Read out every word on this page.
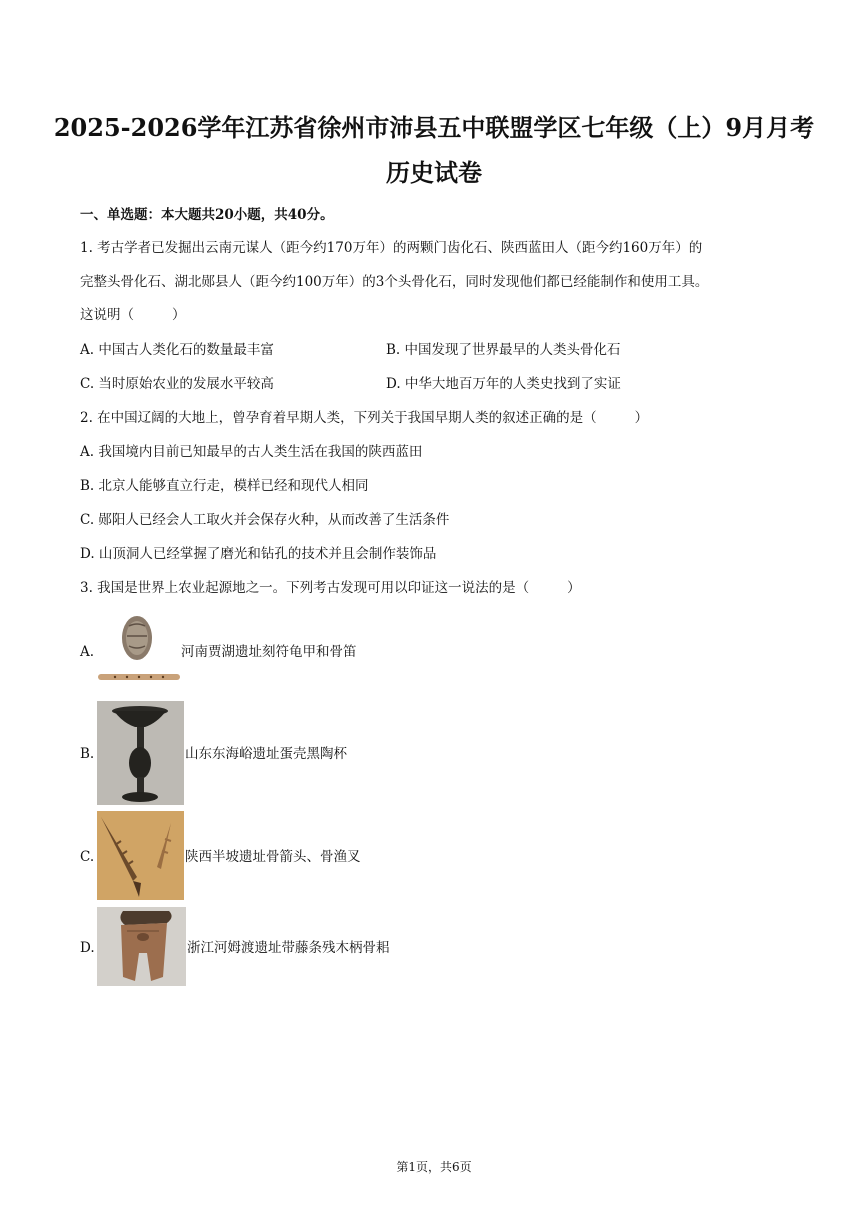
2025-2026学年江苏省徐州市沛县五中联盟学区七年级（上）9月月考
历史试卷
一、单选题：本大题共20小题，共40分。
1. 考古学者已发掘出云南元谋人（距今约170万年）的两颗门齿化石、陕西蓝田人（距今约160万年）的
完整头骨化石、湖北郧县人（距今约100万年）的3个头骨化石，同时发现他们都已经能制作和使用工具。
这说明（	）
A. 中国古人类化石的数量最丰富	B. 中国发现了世界最早的人类头骨化石
C. 当时原始农业的发展水平较高	D. 中华大地百万年的人类史找到了实证
2. 在中国辽阔的大地上，曾孕育着早期人类，下列关于我国早期人类的叙述正确的是（	）
A. 我国境内目前已知最早的古人类生活在我国的陕西蓝田
B. 北京人能够直立行走，模样已经和现代人相同
C. 郧阳人已经会人工取火并会保存火种，从而改善了生活条件
D. 山顶洞人已经掌握了磨光和钻孔的技术并且会制作装饰品
3. 我国是世界上农业起源地之一。下列考古发现可用以印证这一说法的是（	）
A.	河南贾湖遗址刻符龟甲和骨笛
B.	山东东海峪遗址蛋壳黑陶杯
C.	陕西半坡遗址骨箭头、骨渔叉
D.	浙江河姆渡遗址带藤条残木柄骨耜
第1页，共6页
